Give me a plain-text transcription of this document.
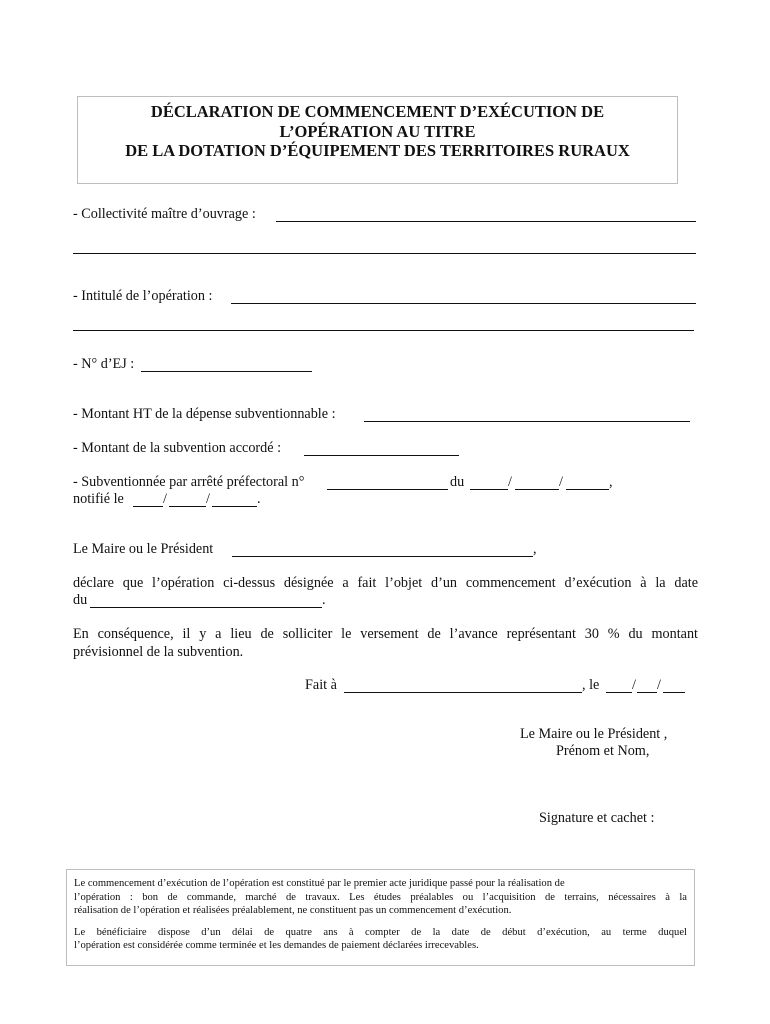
DÉCLARATION DE COMMENCEMENT D’EXÉCUTION DE
L’OPÉRATION AU TITRE
DE LA DOTATION D’ÉQUIPEMENT DES TERRITOIRES RURAUX
- Collectivité maître d’ouvrage :
- Intitulé de l’opération :
- N° d’EJ :
- Montant HT de la dépense subventionnable :
- Montant de la subvention accordé :
- Subventionnée par arrêté préfectoral n°	du	/	/	,
notifié le	/	/	.
Le Maire ou le Président	,
déclare que l’opération ci-dessus désignée a fait l’objet d’un commencement d’exécution à la date
du	.
En conséquence, il y a lieu de solliciter le versement de l’avance représentant 30 % du montant
prévisionnel de la subvention.
Fait à	, le / /
Le Maire ou le Président ,
Prénom et Nom,
Signature et cachet :
Le commencement d’exécution de l’opération est constitué par le premier acte juridique passé pour la réalisation de
l’opération : bon de commande, marché de travaux. Les études préalables ou l’acquisition de terrains, nécessaires à la
réalisation de l’opération et réalisées préalablement, ne constituent pas un commencement d’exécution.
Le bénéficiaire dispose d’un délai de quatre ans à compter de la date de début d’exécution, au terme duquel
l’opération est considérée comme terminée et les demandes de paiement déclarées irrecevables.
